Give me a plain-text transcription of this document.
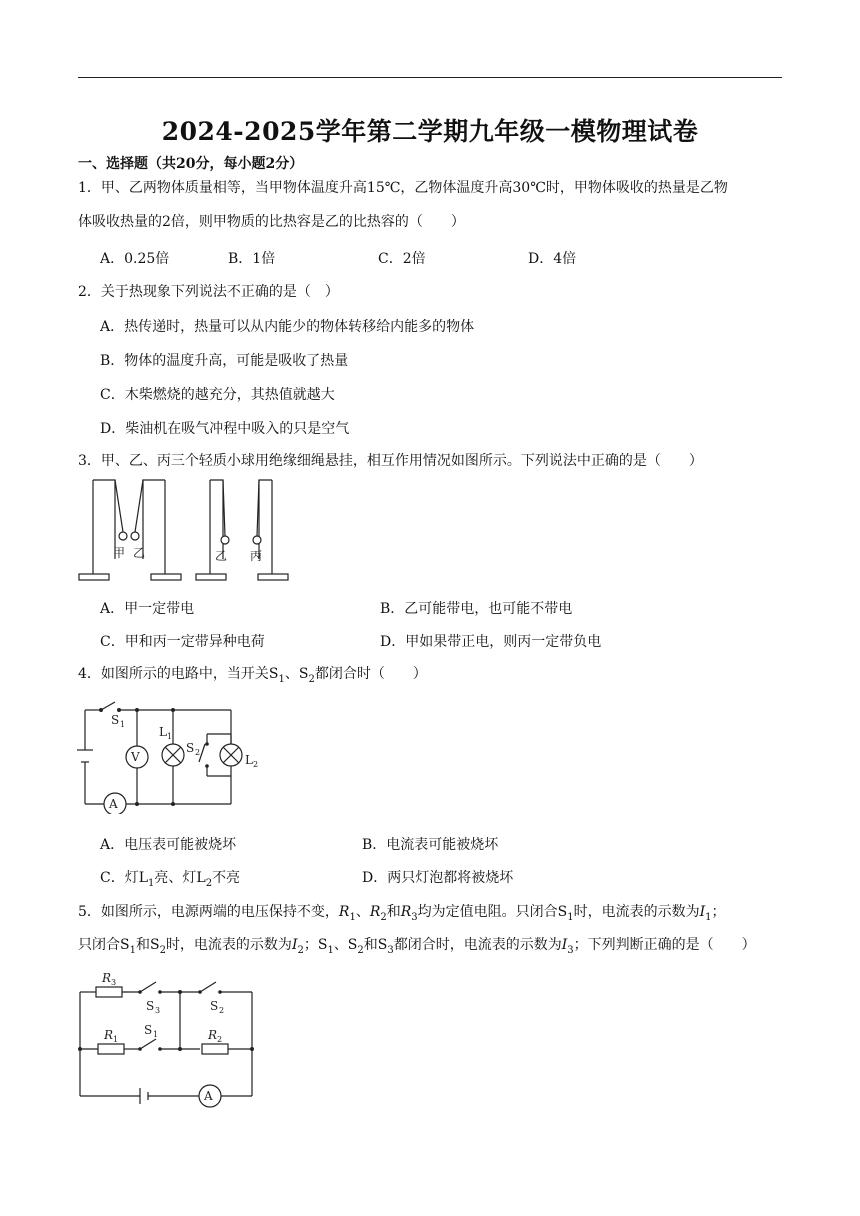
2024-2025学年第二学期九年级一模物理试卷
一、选择题（共20分，每小题2分）
1．甲、乙两物体质量相等，当甲物体温度升高15℃，乙物体温度升高30℃时，甲物体吸收的热量是乙物
体吸收热量的2倍，则甲物质的比热容是乙的比热容的（　　）
A．0.25倍	B．1倍	C．2倍	D．4倍
2．关于热现象下列说法不正确的是（　）
A．热传递时，热量可以从内能少的物体转移给内能多的物体
B．物体的温度升高，可能是吸收了热量
C．木柴燃烧的越充分，其热值就越大
D．柴油机在吸气冲程中吸入的只是空气
3．甲、乙、丙三个轻质小球用绝缘细绳悬挂，相互作用情况如图所示。下列说法中正确的是（　　）
甲 乙	乙 丙
A．甲一定带电	B．乙可能带电，也可能不带电
C．甲和丙一定带异种电荷	D．甲如果带正电，则丙一定带负电
4．如图所示的电路中，当开关$S_1$、$S_2$都闭合时（　　）
V
A
S 1
L 1
S 2
L 2
A．电压表可能被烧坏	B．电流表可能被烧坏
C．灯$L_1$亮、灯$L_2$不亮	D．两只灯泡都将被烧坏
5．如图所示，电源两端的电压保持不变，$R_1$、$R_2$和$R_3$均为定值电阻。只闭合$S_1$时，电流表的示数为$I_1$；
只闭合$S_1$和$S_2$时，电流表的示数为$I_2$；$S_1$、$S_2$和$S_3$都闭合时，电流表的示数为$I_3$；下列判断正确的是（　　）
R 3
S 3	S 2
R 1
S 1	R 2
A
